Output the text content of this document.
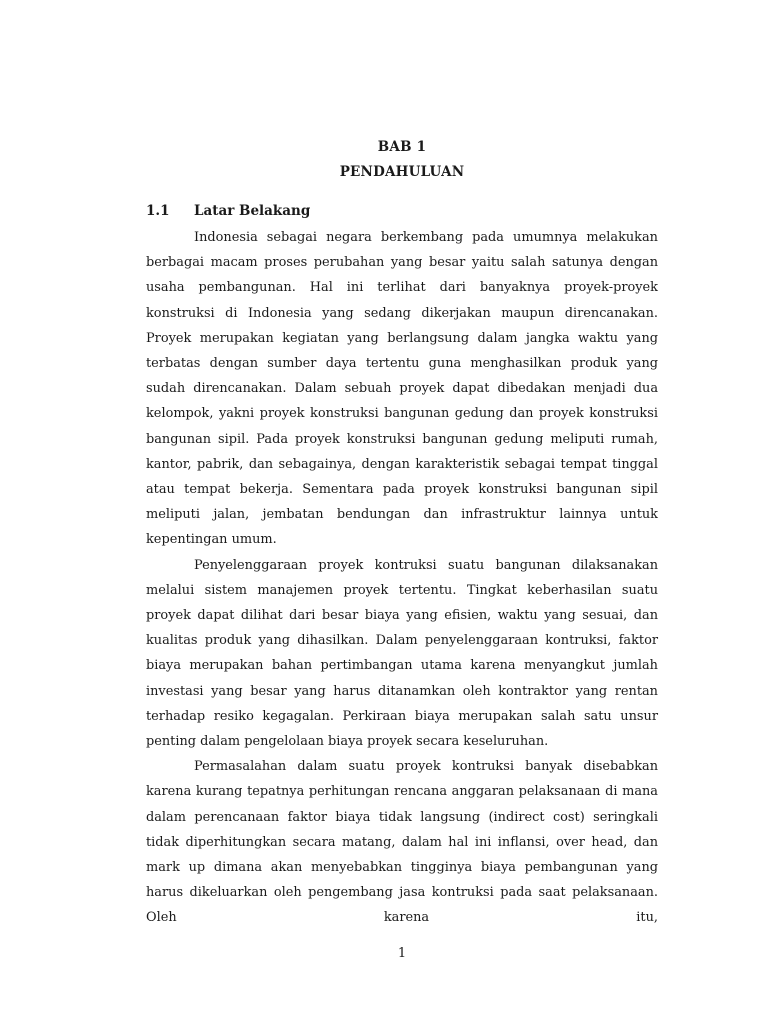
BAB 1
PENDAHULUAN
1.1 Latar Belakang

Indonesia sebagai negara berkembang pada umumnya melakukan berbagai macam proses perubahan yang besar yaitu salah satunya dengan usaha pembangunan. Hal ini terlihat dari banyaknya proyek-proyek konstruksi di Indonesia yang sedang dikerjakan maupun direncanakan. Proyek merupakan kegiatan yang berlangsung dalam jangka waktu yang terbatas dengan sumber daya tertentu guna menghasilkan produk yang sudah direncanakan. Dalam sebuah proyek dapat dibedakan menjadi dua kelompok, yakni proyek konstruksi bangunan gedung dan proyek konstruksi bangunan sipil. Pada proyek konstruksi bangunan gedung meliputi rumah, kantor, pabrik, dan sebagainya, dengan karakteristik sebagai tempat tinggal atau tempat bekerja. Sementara pada proyek konstruksi bangunan sipil meliputi jalan, jembatan bendungan dan infrastruktur lainnya untuk kepentingan umum.

Penyelenggaraan proyek kontruksi suatu bangunan dilaksanakan melalui sistem manajemen proyek tertentu. Tingkat keberhasilan suatu proyek dapat dilihat dari besar biaya yang efisien, waktu yang sesuai, dan kualitas produk yang dihasilkan. Dalam penyelenggaraan kontruksi, faktor biaya merupakan bahan pertimbangan utama karena menyangkut jumlah investasi yang besar yang harus ditanamkan oleh kontraktor yang rentan terhadap resiko kegagalan. Perkiraan biaya merupakan salah satu unsur penting dalam pengelolaan biaya proyek secara keseluruhan.

Permasalahan dalam suatu proyek kontruksi banyak disebabkan karena kurang tepatnya perhitungan rencana anggaran pelaksanaan di mana dalam perencanaan faktor biaya tidak langsung (indirect cost) seringkali tidak diperhitungkan secara matang, dalam hal ini inflansi, over head, dan mark up dimana akan menyebabkan tingginya biaya pembangunan yang harus dikeluarkan oleh pengembang jasa kontruksi pada saat pelaksanaan. Oleh karena itu,

1
